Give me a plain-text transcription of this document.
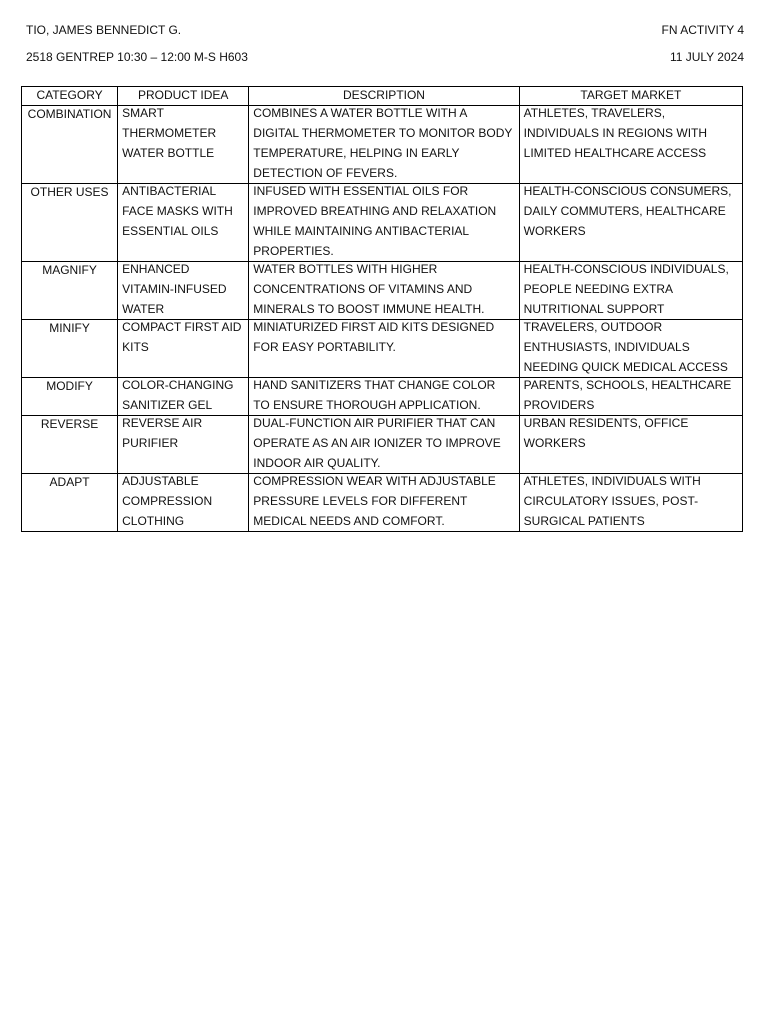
TIO, JAMES BENNEDICT G.	FN ACTIVITY 4
2518 GENTREP 10:30 – 12:00 M-S H603	11 JULY 2024
CATEGORY	PRODUCT IDEA	DESCRIPTION	TARGET MARKET
COMBINATION	SMART THERMOMETER WATER BOTTLE	COMBINES A WATER BOTTLE WITH A DIGITAL THERMOMETER TO MONITOR BODY TEMPERATURE, HELPING IN EARLY DETECTION OF FEVERS.	ATHLETES, TRAVELERS, INDIVIDUALS IN REGIONS WITH LIMITED HEALTHCARE ACCESS

OTHER USES	ANTIBACTERIAL FACE MASKS WITH ESSENTIAL OILS	INFUSED WITH ESSENTIAL OILS FOR IMPROVED BREATHING AND RELAXATION WHILE MAINTAINING ANTIBACTERIAL PROPERTIES.	HEALTH-CONSCIOUS CONSUMERS, DAILY COMMUTERS, HEALTHCARE WORKERS

MAGNIFY	ENHANCED VITAMIN-INFUSED WATER	WATER BOTTLES WITH HIGHER CONCENTRATIONS OF VITAMINS AND MINERALS TO BOOST IMMUNE HEALTH.	HEALTH-CONSCIOUS INDIVIDUALS, PEOPLE NEEDING EXTRA NUTRITIONAL SUPPORT

MINIFY	COMPACT FIRST AID KITS	MINIATURIZED FIRST AID KITS DESIGNED FOR EASY PORTABILITY.	TRAVELERS, OUTDOOR ENTHUSIASTS, INDIVIDUALS NEEDING QUICK MEDICAL ACCESS

MODIFY	COLOR-CHANGING SANITIZER GEL	HAND SANITIZERS THAT CHANGE COLOR TO ENSURE THOROUGH APPLICATION.	PARENTS, SCHOOLS, HEALTHCARE PROVIDERS

REVERSE	REVERSE AIR PURIFIER	DUAL-FUNCTION AIR PURIFIER THAT CAN OPERATE AS AN AIR IONIZER TO IMPROVE INDOOR AIR QUALITY.	URBAN RESIDENTS, OFFICE WORKERS

ADAPT	ADJUSTABLE COMPRESSION CLOTHING	COMPRESSION WEAR WITH ADJUSTABLE PRESSURE LEVELS FOR DIFFERENT MEDICAL NEEDS AND COMFORT.	ATHLETES, INDIVIDUALS WITH CIRCULATORY ISSUES, POST-SURGICAL PATIENTS
